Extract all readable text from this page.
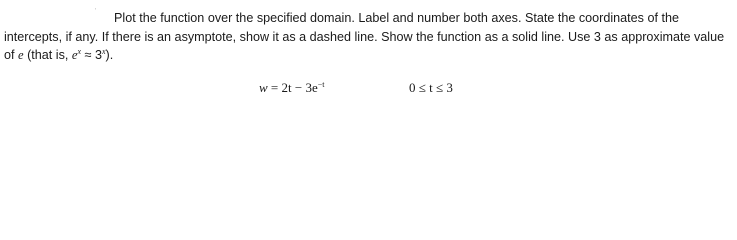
'	Plot the function over the specified domain. Label and number both axes. State the coordinates of the intercepts, if any. If there is an asymptote, show it as a dashed line. Show the function as a solid line. Use 3 as approximate value of e (that is, $e^x \approx 3^x$).

$w = 2t - 3e^{-t}$	0 ≤ t ≤ 3
